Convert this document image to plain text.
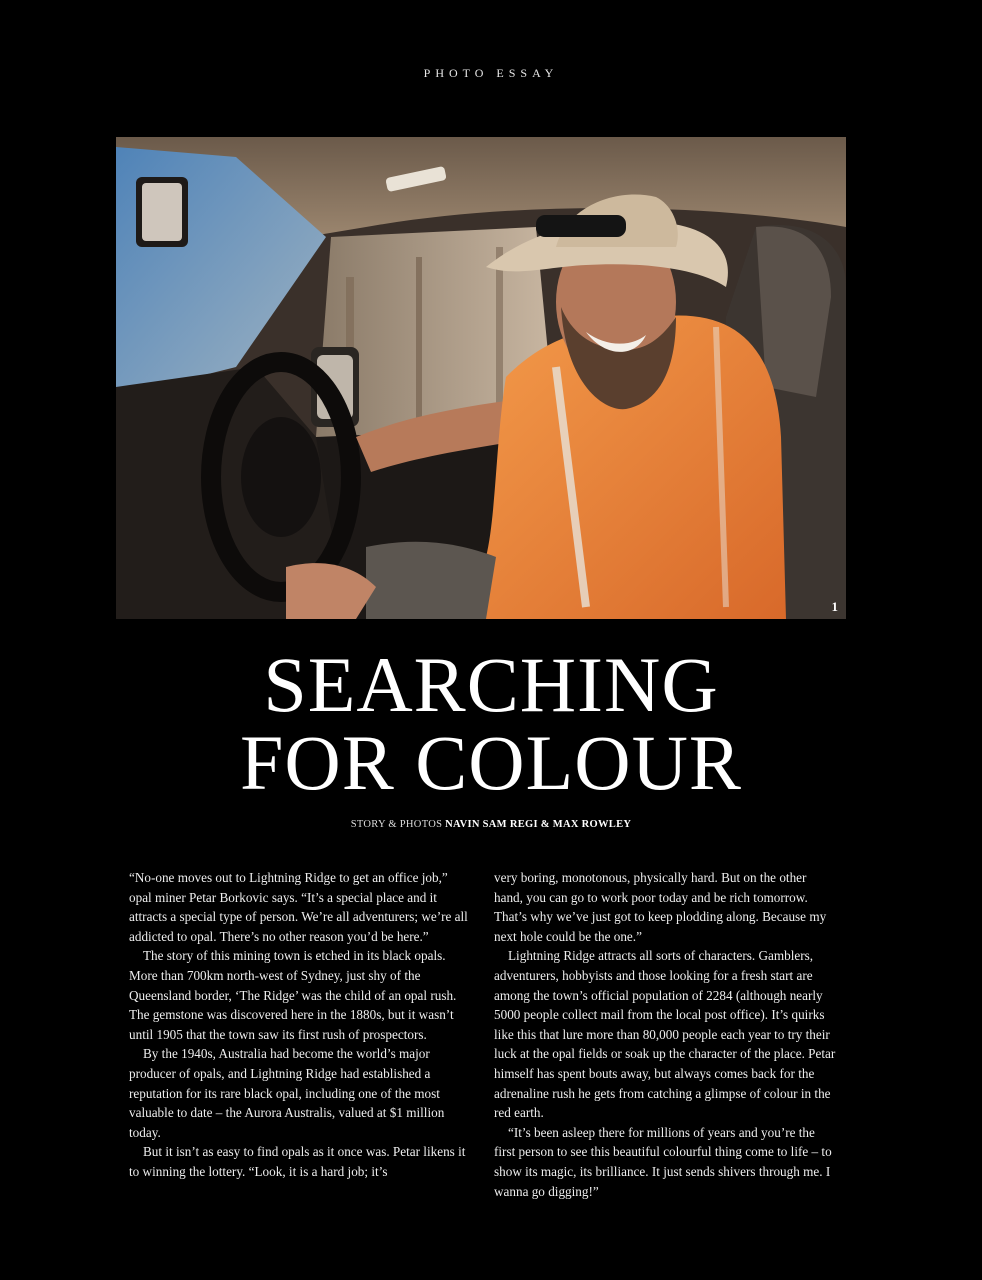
PHOTO ESSAY
1
SEARCHING
FOR COLOUR
STORY & PHOTOS NAVIN SAM REGI & MAX ROWLEY

“No-one moves out to Lightning Ridge to get an office job,” opal miner Petar Borkovic says. “It’s a special place and it attracts a special type of person. We’re all adventurers; we’re all addicted to opal. There’s no other reason you’d be here.”

The story of this mining town is etched in its black opals. More than 700km north-west of Sydney, just shy of the Queensland border, ‘The Ridge’ was the child of an opal rush. The gemstone was discovered here in the 1880s, but it wasn’t until 1905 that the town saw its first rush of prospectors.

By the 1940s, Australia had become the world’s major producer of opals, and Lightning Ridge had established a reputation for its rare black opal, including one of the most valuable to date – the Aurora Australis, valued at $1 million today.

But it isn’t as easy to find opals as it once was. Petar likens it to winning the lottery. “Look, it is a hard job; it’s

very boring, monotonous, physically hard. But on the other hand, you can go to work poor today and be rich tomorrow. That’s why we’ve just got to keep plodding along. Because my next hole could be the one.”

Lightning Ridge attracts all sorts of characters. Gamblers, adventurers, hobbyists and those looking for a fresh start are among the town’s official population of 2284 (although nearly 5000 people collect mail from the local post office). It’s quirks like this that lure more than 80,000 people each year to try their luck at the opal fields or soak up the character of the place. Petar himself has spent bouts away, but always comes back for the adrenaline rush he gets from catching a glimpse of colour in the red earth.

“It’s been asleep there for millions of years and you’re the first person to see this beautiful colourful thing come to life – to show its magic, its brilliance. It just sends shivers through me. I wanna go digging!”
